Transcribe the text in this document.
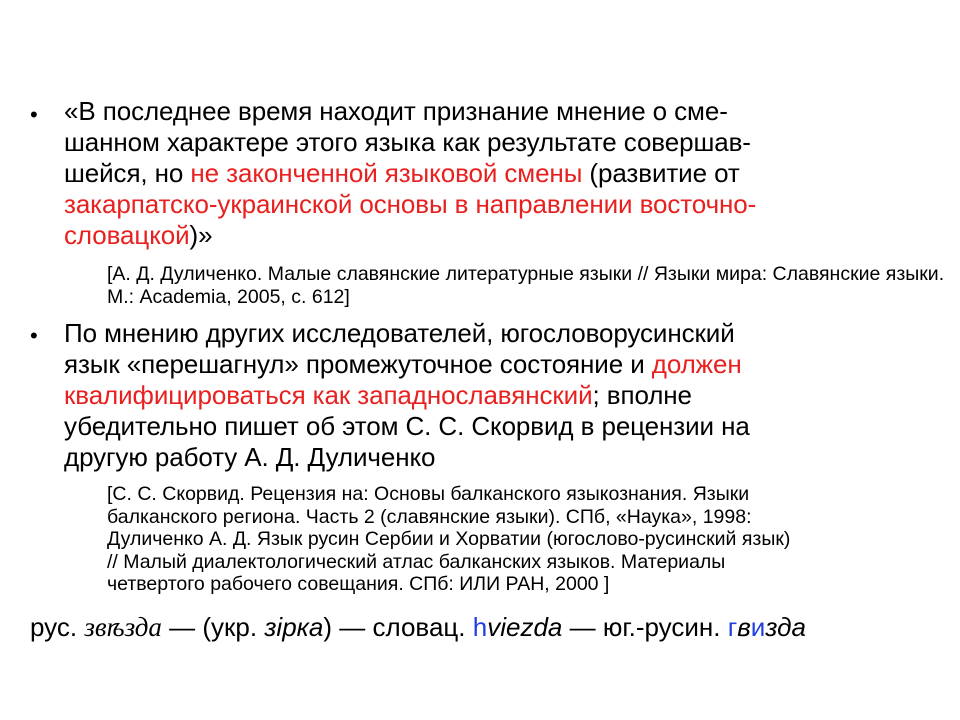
• «В последнее время находит признание мнение о сме-
шанном характере этого языка как результате совершав-
шейся, но не законченной языковой смены (развитие от
закарпатско-украинской основы в направлении восточно-
словацкой)»
[А. Д. Дуличенко. Малые славянские литературные языки // Языки мира: Славянские языки. М.: Academia, 2005, с. 612]
• По мнению других исследователей, югословорусинский
язык «перешагнул» промежуточное состояние и должен
квалифицироваться как западнославянский; вполне
убедительно пишет об этом С. С. Скорвид в рецензии на
другую работу А. Д. Дуличенко
[С. С. Скорвид. Рецензия на: Основы балканского языкознания. Языки
балканского региона. Часть 2 (славянские языки). СПб, «Наука», 1998:
Дуличенко А. Д. Язык русин Сербии и Хорватии (югослово-русинский язык)
// Малый диалектологический атлас балканских языков. Материалы
четвертого рабочего совещания. СПб: ИЛИ РАН, 2000 ]
рус. звѣзда — (укр. зірка) — словац. hviezda — юг.-русин. гвизда
